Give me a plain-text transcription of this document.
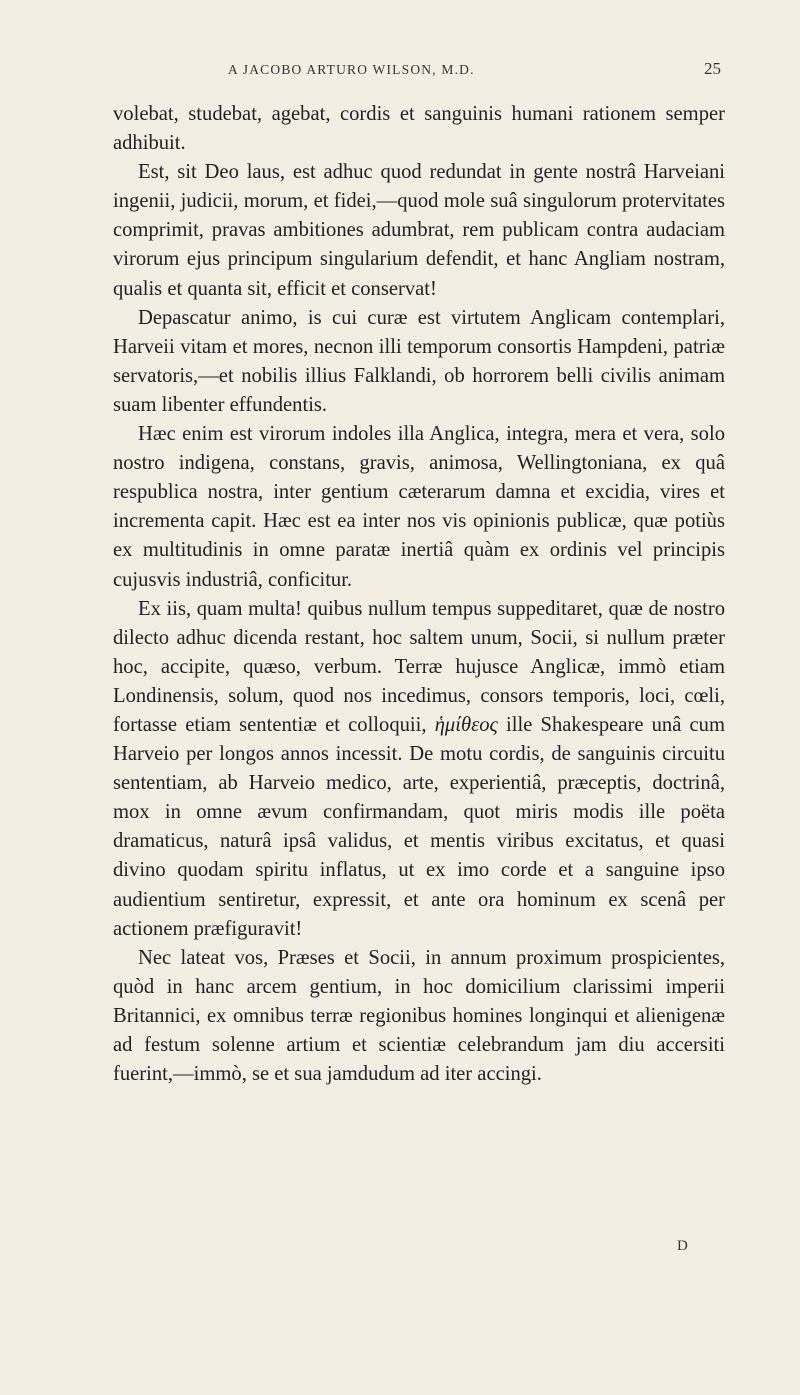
A JACOBO ARTURO WILSON, M.D.	25

volebat, studebat, agebat, cordis et sanguinis humani rationem semper adhibuit.

Est, sit Deo laus, est adhuc quod redundat in gente nostrâ Harveiani ingenii, judicii, morum, et fidei,—quod mole suâ singulorum protervitates comprimit, pravas ambitiones adumbrat, rem publicam contra audaciam virorum ejus principum singularium defendit, et hanc Angliam nostram, qualis et quanta sit, efficit et conservat!

Depascatur animo, is cui curæ est virtutem Anglicam contemplari, Harveii vitam et mores, necnon illi temporum consortis Hampdeni, patriæ servatoris,—et nobilis illius Falklandi, ob horrorem belli civilis animam suam libenter effundentis.

Hæc enim est virorum indoles illa Anglica, integra, mera et vera, solo nostro indigena, constans, gravis, animosa, Wellingtoniana, ex quâ respublica nostra, inter gentium cæterarum damna et excidia, vires et incrementa capit. Hæc est ea inter nos vis opinionis publicæ, quæ potiùs ex multitudinis in omne paratæ inertiâ quàm ex ordinis vel principis cujusvis industriâ, conficitur.

Ex iis, quam multa! quibus nullum tempus suppeditaret, quæ de nostro dilecto adhuc dicenda restant, hoc saltem unum, Socii, si nullum præter hoc, accipite, quæso, verbum. Terræ hujusce Anglicæ, immò etiam Londinensis, solum, quod nos incedimus, consors temporis, loci, cœli, fortasse etiam sententiæ et colloquii, ἡμίθεος ille Shakespeare unâ cum Harveio per longos annos incessit. De motu cordis, de sanguinis circuitu sententiam, ab Harveio medico, arte, experientiâ, præceptis, doctrinâ, mox in omne ævum confirmandam, quot miris modis ille poëta dramaticus, naturâ ipsâ validus, et mentis viribus excitatus, et quasi divino quodam spiritu inflatus, ut ex imo corde et a sanguine ipso audientium sentiretur, expressit, et ante ora hominum ex scenâ per actionem præfiguravit!

Nec lateat vos, Præses et Socii, in annum proximum prospicientes, quòd in hanc arcem gentium, in hoc domicilium clarissimi imperii Britannici, ex omnibus terræ regionibus homines longinqui et alienigenæ ad festum solenne artium et scientiæ celebrandum jam diu accersiti fuerint,—immò, se et sua jamdudum ad iter accingi.

D
